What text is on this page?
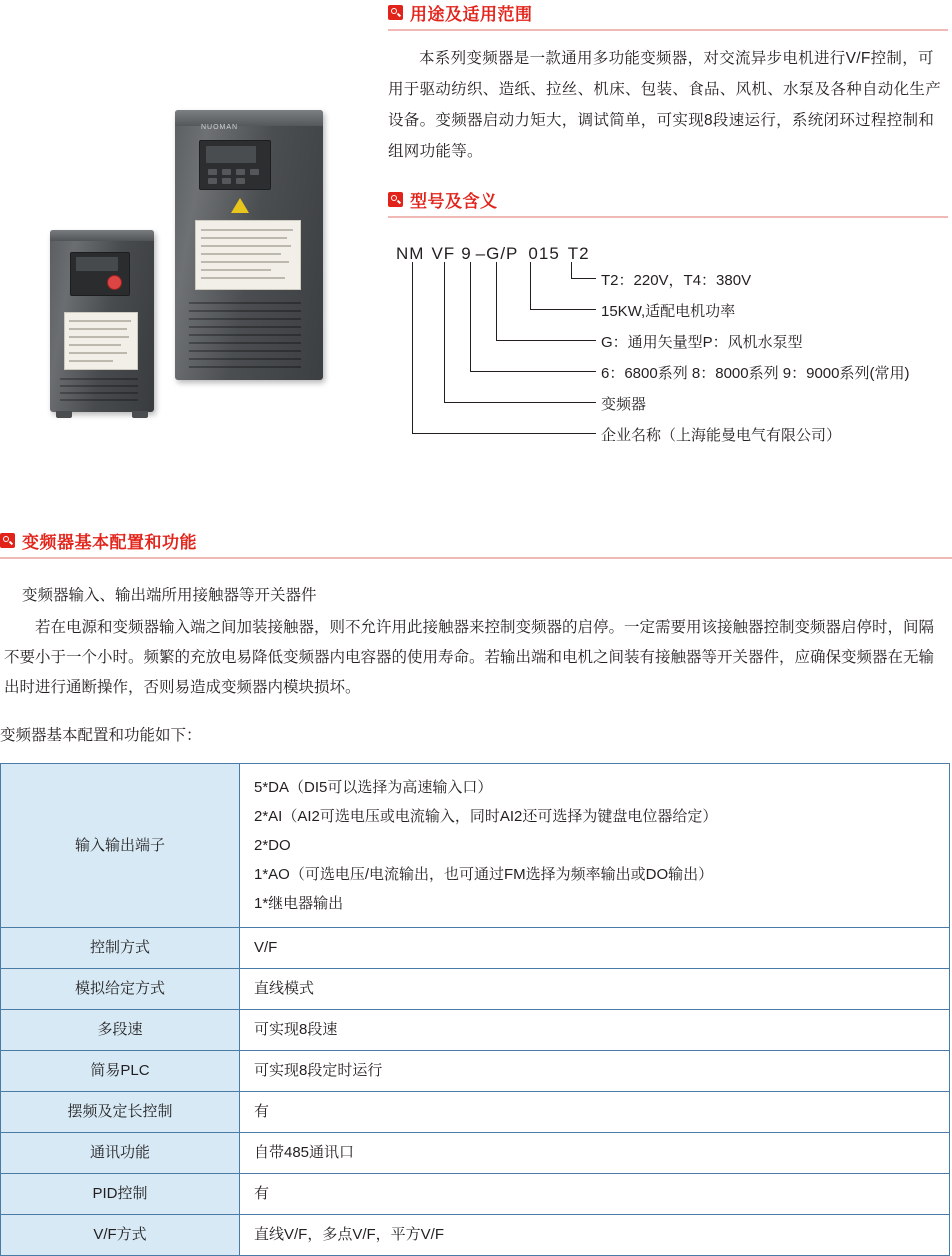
NUOMAN
用途及适用范围
本系列变频器是一款通用多功能变频器，对交流异步电机进行V/F控制，可用于驱动纺织、造纸、拉丝、机床、包装、食品、风机、水泵及各种自动化生产设备。变频器启动力矩大，调试简单，可实现8段速运行，系统闭环过程控制和组网功能等。
型号及含义
NM VF 9 –G/P 015 T2
T2：220V，T4：380V
15KW,适配电机功率
G：通用矢量型P：风机水泵型
6：6800系列 8：8000系列 9：9000系列(常用)
变频器
企业名称（上海能曼电气有限公司）
变频器基本配置和功能
变频器输入、输出端所用接触器等开关器件
若在电源和变频器输入端之间加装接触器，则不允许用此接触器来控制变频器的启停。一定需要用该接触器控制变频器启停时，间隔不要小于一个小时。频繁的充放电易降低变频器内电容器的使用寿命。若输出端和电机之间装有接触器等开关器件，应确保变频器在无输出时进行通断操作，否则易造成变频器内模块损坏。
变频器基本配置和功能如下：
输入输出端子	5*DA（DI5可以选择为高速输入口）
2*AI（AI2可选电压或电流输入，同时AI2还可选择为键盘电位器给定）
2*DO
1*AO（可选电压/电流输出，也可通过FM选择为频率输出或DO输出）
1*继电器输出

控制方式	V/F
模拟给定方式	直线模式
多段速	可实现8段速
简易PLC	可实现8段定时运行
摆频及定长控制	有
通讯功能	自带485通讯口
PID控制	有
V/F方式	直线V/F，多点V/F，平方V/F
